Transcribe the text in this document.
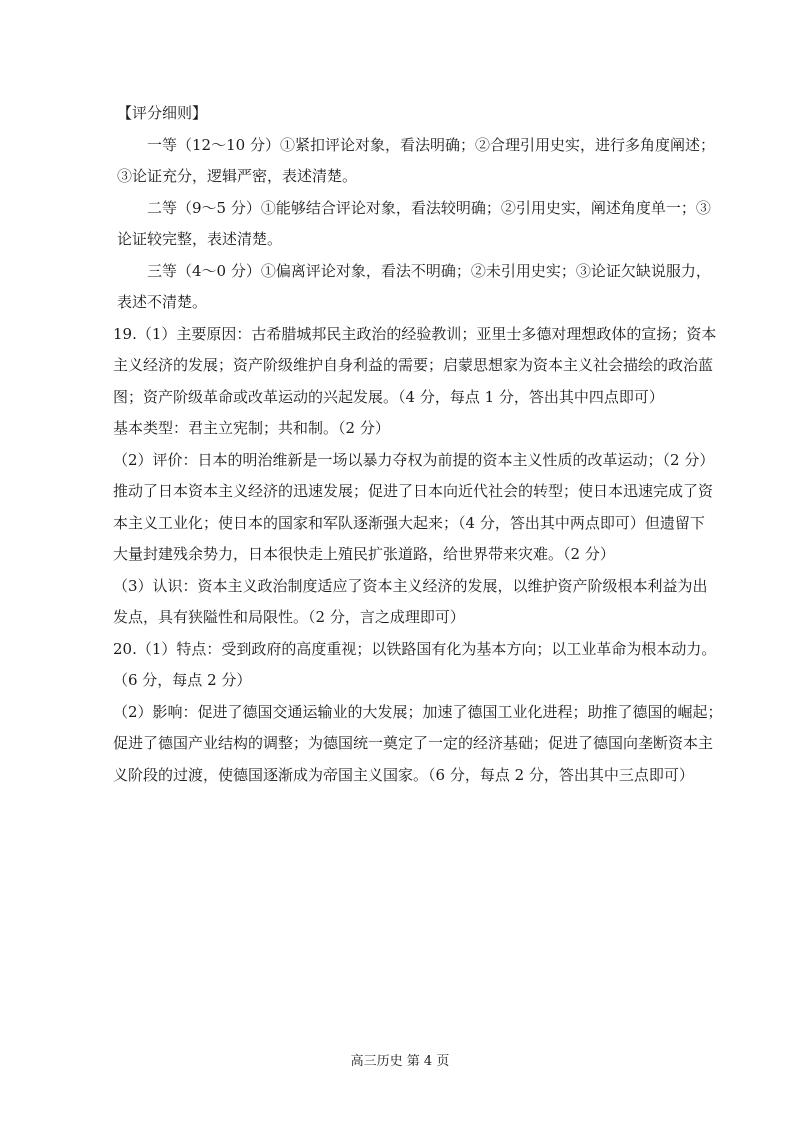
【评分细则】
一等（12～10 分）①紧扣评论对象，看法明确；②合理引用史实，进行多角度阐述；
③论证充分，逻辑严密，表述清楚。
二等（9～5 分）①能够结合评论对象，看法较明确；②引用史实，阐述角度单一；③
论证较完整，表述清楚。
三等（4～0 分）①偏离评论对象，看法不明确；②未引用史实；③论证欠缺说服力，
表述不清楚。
19.（1）主要原因：古希腊城邦民主政治的经验教训；亚里士多德对理想政体的宣扬；资本
主义经济的发展；资产阶级维护自身利益的需要；启蒙思想家为资本主义社会描绘的政治蓝
图；资产阶级革命或改革运动的兴起发展。（4 分，每点 1 分，答出其中四点即可）
基本类型：君主立宪制；共和制。（2 分）
（2）评价：日本的明治维新是一场以暴力夺权为前提的资本主义性质的改革运动；（2 分）
推动了日本资本主义经济的迅速发展；促进了日本向近代社会的转型；使日本迅速完成了资
本主义工业化；使日本的国家和军队逐渐强大起来；（4 分，答出其中两点即可）但遗留下
大量封建残余势力，日本很快走上殖民扩张道路，给世界带来灾难。（2 分）
（3）认识：资本主义政治制度适应了资本主义经济的发展，以维护资产阶级根本利益为出
发点，具有狭隘性和局限性。（2 分，言之成理即可）
20.（1）特点：受到政府的高度重视；以铁路国有化为基本方向；以工业革命为根本动力。
（6 分，每点 2 分）
（2）影响：促进了德国交通运输业的大发展；加速了德国工业化进程；助推了德国的崛起；
促进了德国产业结构的调整；为德国统一奠定了一定的经济基础；促进了德国向垄断资本主
义阶段的过渡，使德国逐渐成为帝国主义国家。（6 分，每点 2 分，答出其中三点即可）
高三历史 第 4 页
